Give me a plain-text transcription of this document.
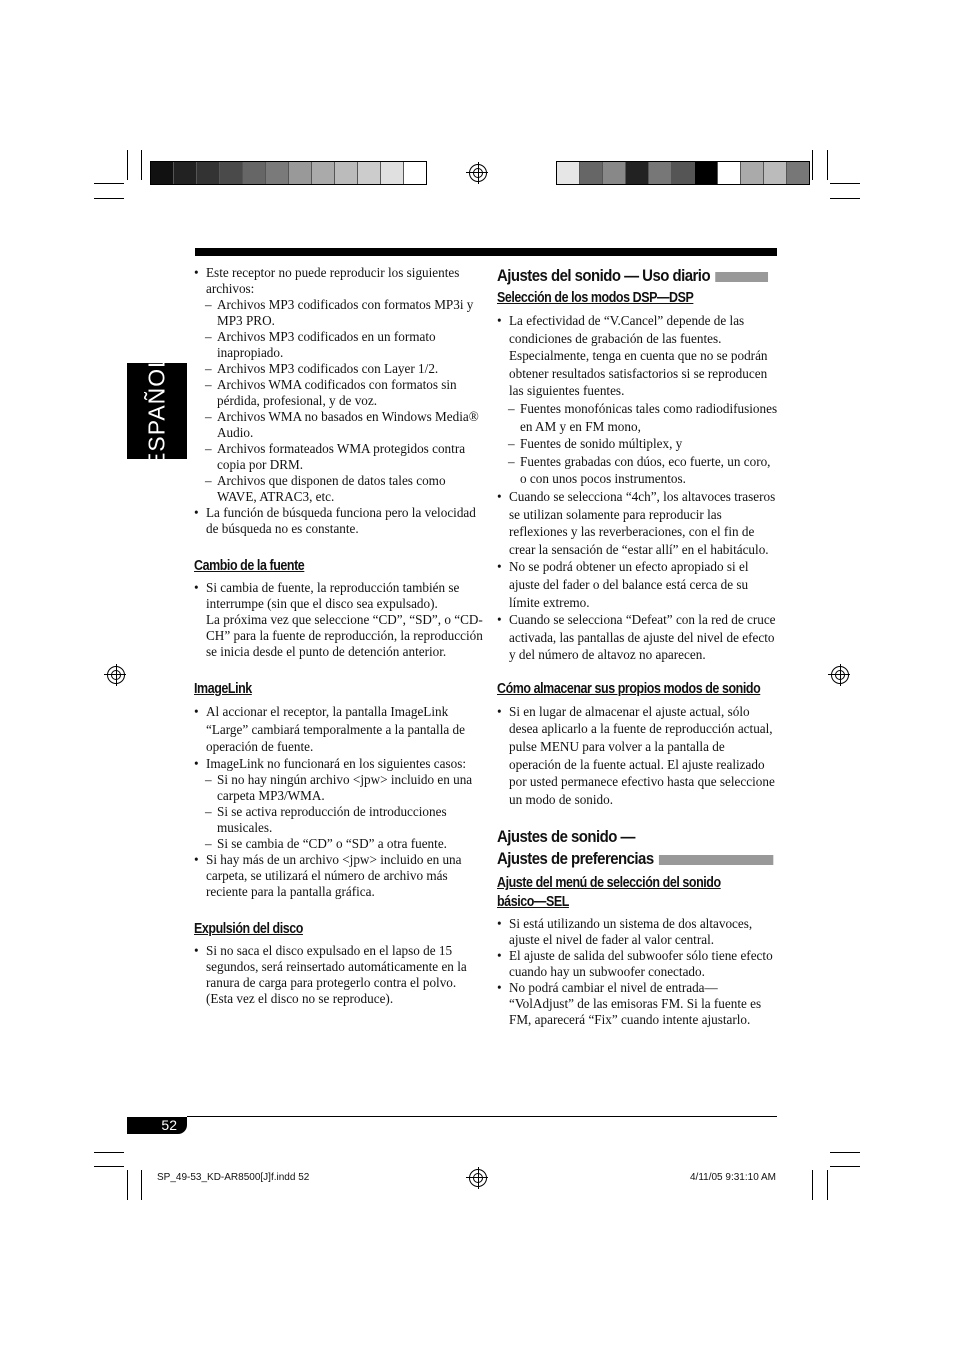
ESPAÑOL
52
• Este receptor no puede reproducir los siguientes archivos:
– Archivos MP3 codificados con formatos MP3i y MP3 PRO.
– Archivos MP3 codificados en un formato inapropiado.
– Archivos MP3 codificados con Layer 1/2.
– Archivos WMA codificados con formatos sin pérdida, profesional, y de voz.
– Archivos WMA no basados en Windows Media® Audio.
– Archivos formateados WMA protegidos contra copia por DRM.
– Archivos que disponen de datos tales como WAVE, ATRAC3, etc.
• La función de búsqueda funciona pero la velocidad de búsqueda no es constante.
Cambio de la fuente
• Si cambia de fuente, la reproducción también se interrumpe (sin que el disco sea expulsado).
La próxima vez que seleccione “CD”, “SD”, o “CD-CH” para la fuente de reproducción, la reproducción se inicia desde el punto de detención anterior.
ImageLink
• Al accionar el receptor, la pantalla ImageLink “Large” cambiará temporalmente a la pantalla de operación de fuente.
• ImageLink no funcionará en los siguientes casos:
– Si no hay ningún archivo <jpw> incluido en una carpeta MP3/WMA.
– Si se activa reproducción de introducciones musicales.
– Si se cambia de “CD” o “SD” a otra fuente.
• Si hay más de un archivo <jpw> incluido en una carpeta, se utilizará el número de archivo más reciente para la pantalla gráfica.
Expulsión del disco
• Si no saca el disco expulsado en el lapso de 15 segundos, será reinsertado automáticamente en la ranura de carga para protegerlo contra el polvo. (Esta vez el disco no se reproduce).
Ajustes del sonido — Uso diario
Selección de los modos DSP—DSP
• La efectividad de “V.Cancel” depende de las condiciones de grabación de las fuentes. Especialmente, tenga en cuenta que no se podrán obtener resultados satisfactorios si se reproducen las siguientes fuentes.
– Fuentes monofónicas tales como radiodifusiones en AM y en FM mono,
– Fuentes de sonido múltiplex, y
– Fuentes grabadas con dúos, eco fuerte, un coro, o con unos pocos instrumentos.
• Cuando se selecciona “4ch”, los altavoces traseros se utilizan solamente para reproducir las reflexiones y las reverberaciones, con el fin de crear la sensación de “estar allí” en el habitáculo.
• No se podrá obtener un efecto apropiado si el ajuste del fader o del balance está cerca de su límite extremo.
• Cuando se selecciona “Defeat” con la red de cruce activada, las pantallas de ajuste del nivel de efecto y del número de altavoz no aparecen.
Cómo almacenar sus propios modos de sonido
• Si en lugar de almacenar el ajuste actual, sólo desea aplicarlo a la fuente de reproducción actual, pulse MENU para volver a la pantalla de operación de la fuente actual. El ajuste realizado por usted permanece efectivo hasta que seleccione un modo de sonido.
Ajustes de sonido —
Ajustes de preferencias
Ajuste del menú de selección del sonido
básico—SEL
• Si está utilizando un sistema de dos altavoces, ajuste el nivel de fader al valor central.
• El ajuste de salida del subwoofer sólo tiene efecto cuando hay un subwoofer conectado.
• No podrá cambiar el nivel de entrada— “VolAdjust” de las emisoras FM. Si la fuente es FM, aparecerá “Fix” cuando intente ajustarlo.
SP_49-53_KD-AR8500[J]f.indd 52	4/11/05 9:31:10 AM
